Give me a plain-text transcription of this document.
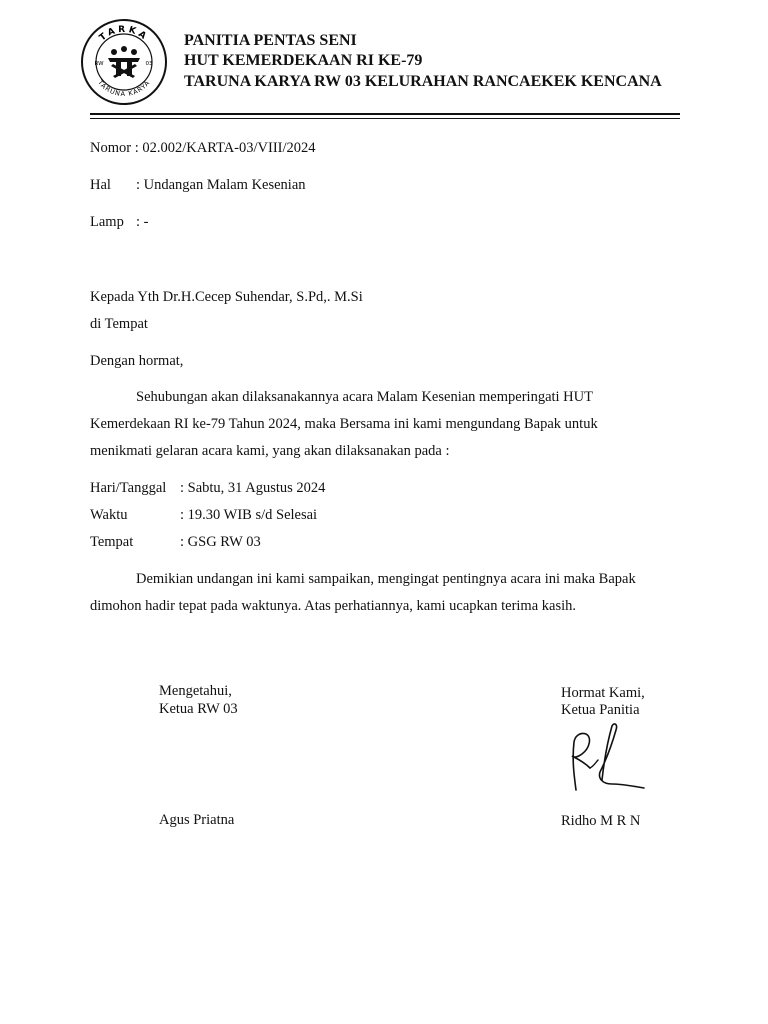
TARKA
TARUNA KARYA
RW	03
PANITIA PENTAS SENI
HUT KEMERDEKAAN RI KE-79
TARUNA KARYA RW 03 KELURAHAN RANCAEKEK KENCANA
Nomor : 02.002/KARTA-03/VIII/2024
Hal : Undangan Malam Kesenian
Lamp : -
Kepada Yth Dr.H.Cecep Suhendar, S.Pd,. M.Si
di Tempat
Dengan hormat,
Sehubungan akan dilaksanakannya acara Malam Kesenian memperingati HUT
Kemerdekaan RI ke-79 Tahun 2024, maka Bersama ini kami mengundang Bapak untuk
menikmati gelaran acara kami, yang akan dilaksanakan pada :
Hari/Tanggal : Sabtu, 31 Agustus 2024
Waktu	: 19.30 WIB s/d Selesai
Tempat	: GSG RW 03
Demikian undangan ini kami sampaikan, mengingat pentingnya acara ini maka Bapak
dimohon hadir tepat pada waktunya. Atas perhatiannya, kami ucapkan terima kasih.
Mengetahui,
Ketua RW 03
Agus Priatna
Hormat Kami,
Ketua Panitia
Ridho M R N
